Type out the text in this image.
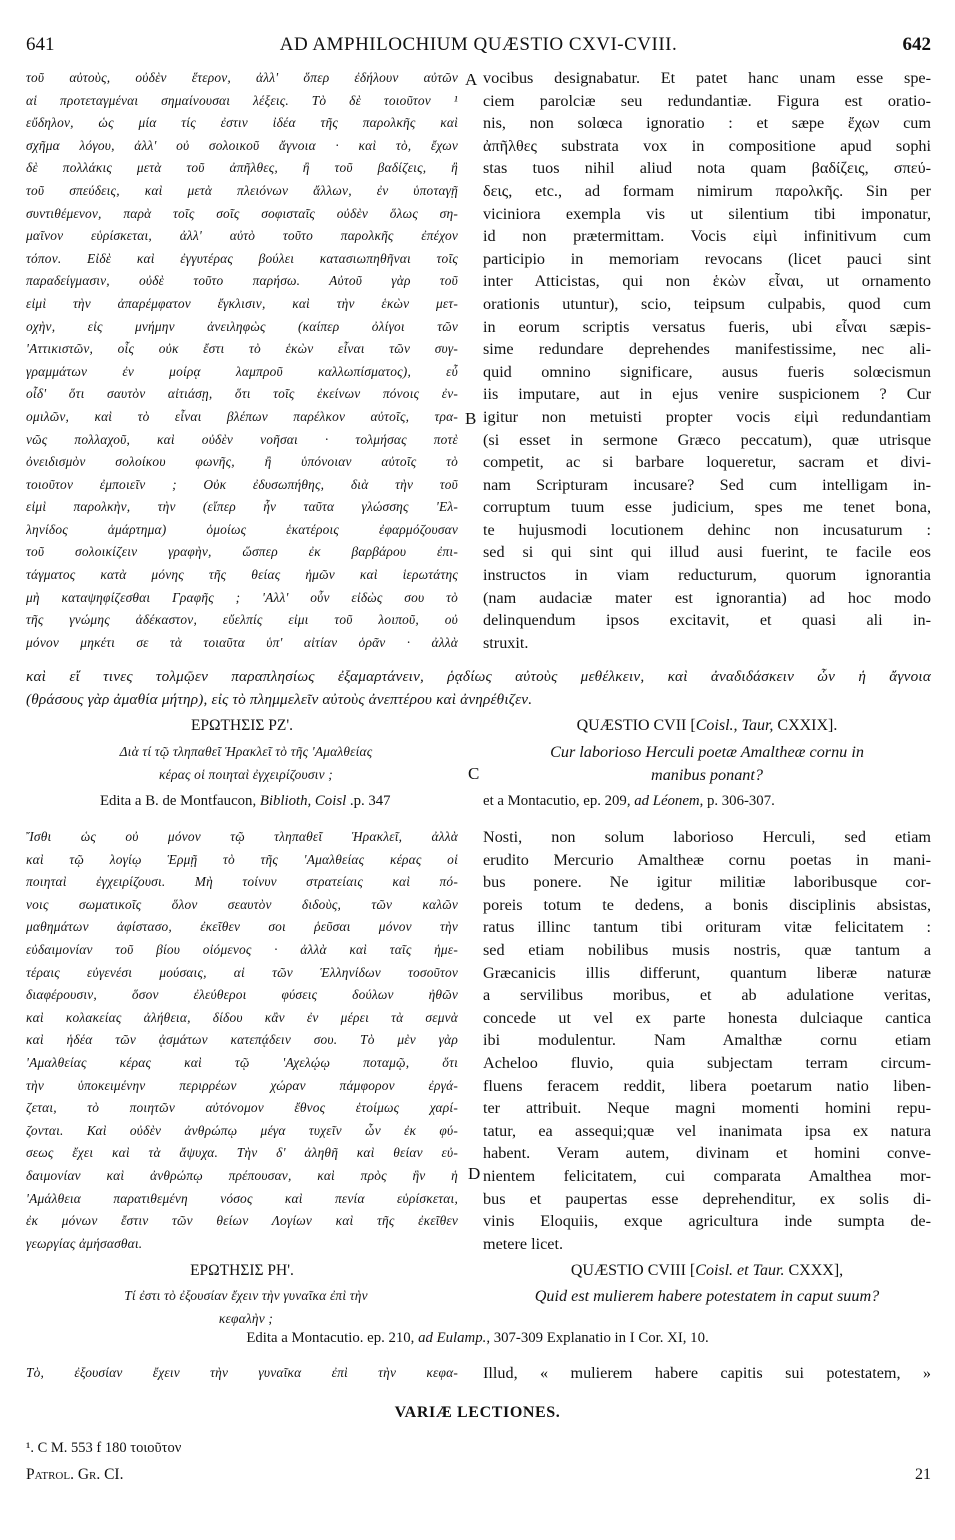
641	AD AMPHILOCHIUM QUÆSTIO CXVI-CVIII.	642
A
B
C
D
τοῦ αὐτοὺς, οὐδὲν ἕτερον, ἀλλ' ὅπερ ἐδήλουν αὐτῶν
αἱ προτεταγμέναι σημαίνουσαι λέξεις. Τὸ δὲ τοιοῦτον ¹
εὔδηλον, ὡς μία τίς ἐστιν ἰδέα τῆς παρολκῆς καὶ
σχῆμα λόγου, ἀλλ' οὐ σολοικοῦ ἄγνοια · καὶ τὸ, ἔχων
δὲ πολλάκις μετὰ τοῦ ἀπῆλθες, ἢ τοῦ βαδίζεις, ἢ
τοῦ σπεύδεις, καὶ μετὰ πλειόνων ἄλλων, ἐν ὑποταγῇ
συντιθέμενον, παρὰ τοῖς σοῖς σοφισταῖς οὐδὲν ὅλως ση-
μαῖνον εὑρίσκεται, ἀλλ' αὐτὸ τοῦτο παρολκῆς ἐπέχον
τόπον. Εἰδὲ καὶ ἐγγυτέρας βούλει κατασιωπηθῆναι τοῖς
παραδείγμασιν, οὐδὲ τοῦτο παρήσω. Αὐτοῦ γὰρ τοῦ
εἰμὶ τὴν ἀπαρέμφατον ἔγκλισιν, καὶ τὴν ἑκὼν μετ-
οχὴν, εἰς μνήμην ἀνειληφὼς (καίπερ ὀλίγοι τῶν
'Αττικιστῶν, οἷς οὐκ ἔστι τὸ ἑκὼν εἶναι τῶν συγ-
γραμμάτων ἐν μοίρᾳ λαμπροῦ καλλωπίσματος), εὖ
οἶδ' ὅτι σαυτὸν αἰτιάσῃ, ὅτι τοῖς ἐκείνων πόνοις ἐν-
ομιλῶν, καὶ τὸ εἶναι βλέπων παρέλκον αὐτοῖς, τρα-
νῶς πολλαχοῦ, καὶ οὐδὲν νοῆσαι · τολμήσας ποτὲ
ὀνειδισμὸν σολοίκου φωνῆς, ἢ ὑπόνοιαν αὐτοῖς τὸ
τοιοῦτον ἐμποιεῖν ; Οὐκ ἐδυσωπήθης, διὰ τὴν τοῦ
εἰμὶ παρολκὴν, τὴν (εἴπερ ἦν ταῦτα γλώσσης 'Ελ-
ληνίδος ἁμάρτημα) ὁμοίως ἑκατέροις ἐφαρμόζουσαν
τοῦ σολοικίζειν γραφὴν, ὥσπερ ἐκ βαρβάρου ἐπι-
τάγματος κατὰ μόνης τῆς θείας ἡμῶν καὶ ἱερωτάτης
μὴ καταψηφίζεσθαι Γραφῆς ; 'Αλλ' οὖν εἰδὼς σου τὸ
τῆς γνώμης ἀδέκαστον, εὔελπίς εἰμι τοῦ λοιποῦ, οὐ
μόνον μηκέτι σε τὰ τοιαῦτα ὑπ' αἰτίαν ὁρᾶν · ἀλλὰ
vocibus designabatur. Et patet hanc unam esse spe-
ciem parolciæ seu redundantiæ. Figura est oratio-
nis, non solœca ignoratio : et sæpe ἔχων cum
ἀπῆλθες substrata vox in compositione apud sophi
stas tuos nihil aliud nota quam βαδίζεις, σπεύ-
δεις, etc., ad formam nimirum παρολκῆς. Sin per
viciniora exempla vis ut silentium tibi imponatur,
id non prætermittam. Vocis εἰμὶ infinitivum cum
participio in memoriam revocans (licet pauci sint
inter Atticistas, qui non ἑκὼν εἶναι, ut ornamento
orationis utuntur), scio, teipsum culpabis, quod cum
in eorum scriptis versatus fueris, ubi εἶναι sæpis-
sime redundare deprehendes manifestissime, nec ali-
quid omnino significare, ausus fueris solœcismun
iis imputare, aut in ejus venire suspicionem ? Cur
igitur non metuisti propter vocis εἰμὶ redundantiam
(si esset in sermone Græco peccatum), quæ utrisque
competit, ac si barbare loqueretur, sacram et divi-
nam Scripturam incusare? Sed cum intelligam in-
corruptum tuum esse judicium, spes me tenet bona,
te hujusmodi locutionem dehinc non incusaturum :
sed si qui sint qui illud ausi fuerint, te facile eos
instructos in viam reducturum, quorum ignorantia
(nam audaciæ mater est ignorantia) ad hoc modo
delinquendum ipsos excitavit, et quasi ali in-
struxit.
καὶ εἴ τινες τολμῷεν παραπλησίως ἐξαμαρτάνειν, ῥᾳδίως αὐτοὺς μεθέλκειν, καὶ ἀναδιδάσκειν ὧν ἡ ἄγνοια
(θράσους γὰρ ἀμαθία μήτηρ), εἰς τὸ πλημμελεῖν αὐτοὺς ἀνεπτέρου καὶ ἀνηρέθιζεν.
ΕΡΩΤΗΣΙΣ ΡΖ'.	QUÆSTIO CVII [Coisl., Taur, CXXIX].
Διὰ τί τῷ τληπαθεῖ Ἡρακλεῖ τὸ τῆς 'Αμαλθείας
κέρας οἱ ποιηταὶ ἐγχειρίζουσιν ;
Cur laborioso Herculi poetæ Amaltheæ cornu in
manibus ponant?
Edita a B. de Montfaucon, Biblioth, Coisl .p. 347	et a Montacutio, ep. 209, ad Léonem, p. 306-307.
Ἴσθι ὡς οὐ μόνον τῷ τληπαθεῖ Ἡρακλεῖ, ἀλλὰ
καὶ τῷ λογίῳ Ἑρμῇ τὸ τῆς 'Αμαλθείας κέρας οἱ
ποιηταὶ ἐγχειρίζουσι. Μὴ τοίνυν στρατείαις καὶ πό-
νοις σωματικοῖς ὅλον σεαυτὸν διδοὺς, τῶν καλῶν
μαθημάτων ἀφίστασο, ἐκεῖθεν σοι ῥεῦσαι μόνον τὴν
εὐδαιμονίαν τοῦ βίου οἰόμενος · ἀλλὰ καὶ ταῖς ἡμε-
τέραις εὐγενέσι μούσαις, αἱ τῶν Ἑλληνίδων τοσοῦτον
διαφέρουσιν, ὅσον ἐλεύθεροι φύσεις δούλων ἠθῶν
καὶ κολακείας ἀλήθεια, δίδου κἂν ἐν μέρει τὰ σεμνὰ
καὶ ἡδέα τῶν ᾀσμάτων κατεπᾴδειν σου. Τὸ μὲν γὰρ
'Αμαλθείας κέρας καὶ τῷ 'Αχελῴῳ ποταμῷ, ὅτι
τὴν ὑποκειμένην περιρρέων χώραν πάμφορον ἐργά-
ζεται, τὸ ποιητῶν αὐτόνομον ἔθνος ἑτοίμως χαρί-
ζονται. Καὶ οὐδὲν ἀνθρώπῳ μέγα τυχεῖν ὧν ἐκ φύ-
σεως ἔχει καὶ τὰ ἄψυχα. Τὴν δ' ἀληθῆ καὶ θείαν εὐ-
δαιμονίαν καὶ ἀνθρώπῳ πρέπουσαν, καὶ πρὸς ἣν ἡ
'Αμάλθεια παρατιθεμένη νόσος καὶ πενία εὑρίσκεται,
ἐκ μόνων ἔστιν τῶν θείων Λογίων καὶ τῆς ἐκεῖθεν
γεωργίας ἀμήσασθαι.
Nosti, non solum laborioso Herculi, sed etiam
erudito Mercurio Amaltheæ cornu poetas in mani-
bus ponere. Ne igitur militiæ laboribusque cor-
poreis totum te dedens, a bonis disciplinis absistas,
ratus illinc tantum tibi orituram vitæ felicitatem :
sed etiam nobilibus musis nostris, quæ tantum a
Græcanicis illis differunt, quantum liberæ naturæ
a servilibus moribus, et ab adulatione veritas,
concede ut vel ex parte honesta dulciaque cantica
ibi modulentur. Nam Amalthæ cornu etiam
Acheloo fluvio, quia subjectam terram circum-
fluens feracem reddit, libera poetarum natio liben-
ter attribuit. Neque magni momenti homini repu-
tatur, ea assequi;quæ vel inanimata ipsa ex natura
habent. Veram autem, divinam et homini conve-
nientem felicitatem, cui comparata Amalthea mor-
bus et paupertas esse deprehenditur, ex solis di-
vinis Eloquiis, exque agricultura inde sumpta de-
metere licet.
ΕΡΩΤΗΣΙΣ ΡΗ'.	QUÆSTIO CVIII [Coisl. et Taur. CXXX],
Τί ἐστι τὸ ἐξουσίαν ἔχειν τὴν γυναῖκα ἐπὶ τὴν
κεφαλὴν ;
Quid est mulierem habere potestatem in caput suum?
Edita a Montacutio. ep. 210, ad Eulamp., 307-309 Explanatio in I Cor. XI, 10.
Τὸ, ἐξουσίαν ἔχειν τὴν γυναῖκα ἐπὶ τὴν κεφα- Illud, « mulierem habere capitis sui potestatem, »
VARIÆ LECTIONES.
¹. C M. 553 f 180 τοιοῦτον
Patrol. Gr. CI.	21
